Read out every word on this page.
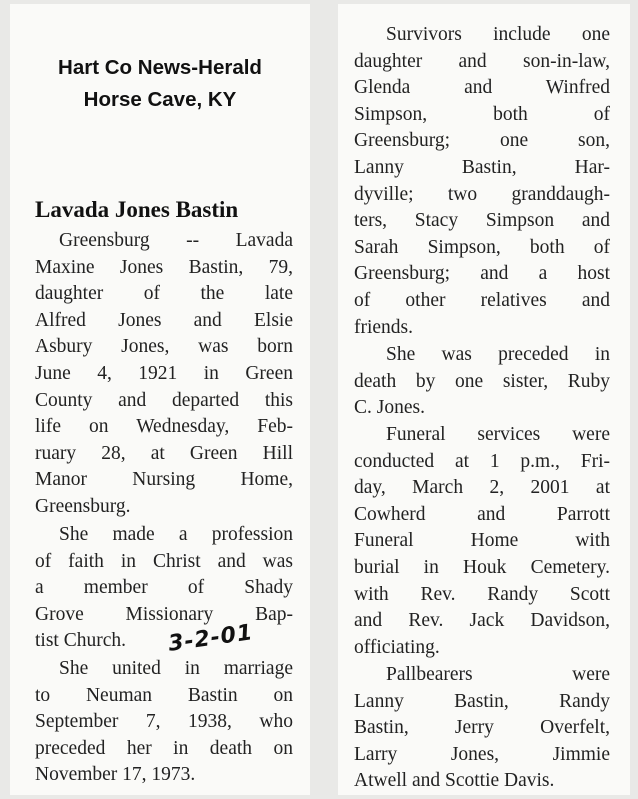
Hart Co News-Herald
Horse Cave, KY
Lavada Jones Bastin
Greensburg -- Lavada
Maxine Jones Bastin, 79,
daughter of the late
Alfred Jones and Elsie
Asbury Jones, was born
June 4, 1921 in Green
County and departed this
life on Wednesday, Feb-
ruary 28, at Green Hill
Manor Nursing Home,
Greensburg.
She made a profession
of faith in Christ and was
a member of Shady
Grove Missionary Bap-
tist Church.	3-2-01
She united in marriage
to Neuman Bastin on
September 7, 1938, who
preceded her in death on
November 17, 1973.
Survivors include one
daughter and son-in-law,
Glenda and Winfred
Simpson, both of
Greensburg; one son,
Lanny Bastin, Har-
dyville; two granddaugh-
ters, Stacy Simpson and
Sarah Simpson, both of
Greensburg; and a host
of other relatives and
friends.
She was preceded in
death by one sister, Ruby
C. Jones.
Funeral services were
conducted at 1 p.m., Fri-
day, March 2, 2001 at
Cowherd and Parrott
Funeral Home with
burial in Houk Cemetery.
with Rev. Randy Scott
and Rev. Jack Davidson,
officiating.
Pallbearers were
Lanny Bastin, Randy
Bastin, Jerry Overfelt,
Larry Jones, Jimmie
Atwell and Scottie Davis.
